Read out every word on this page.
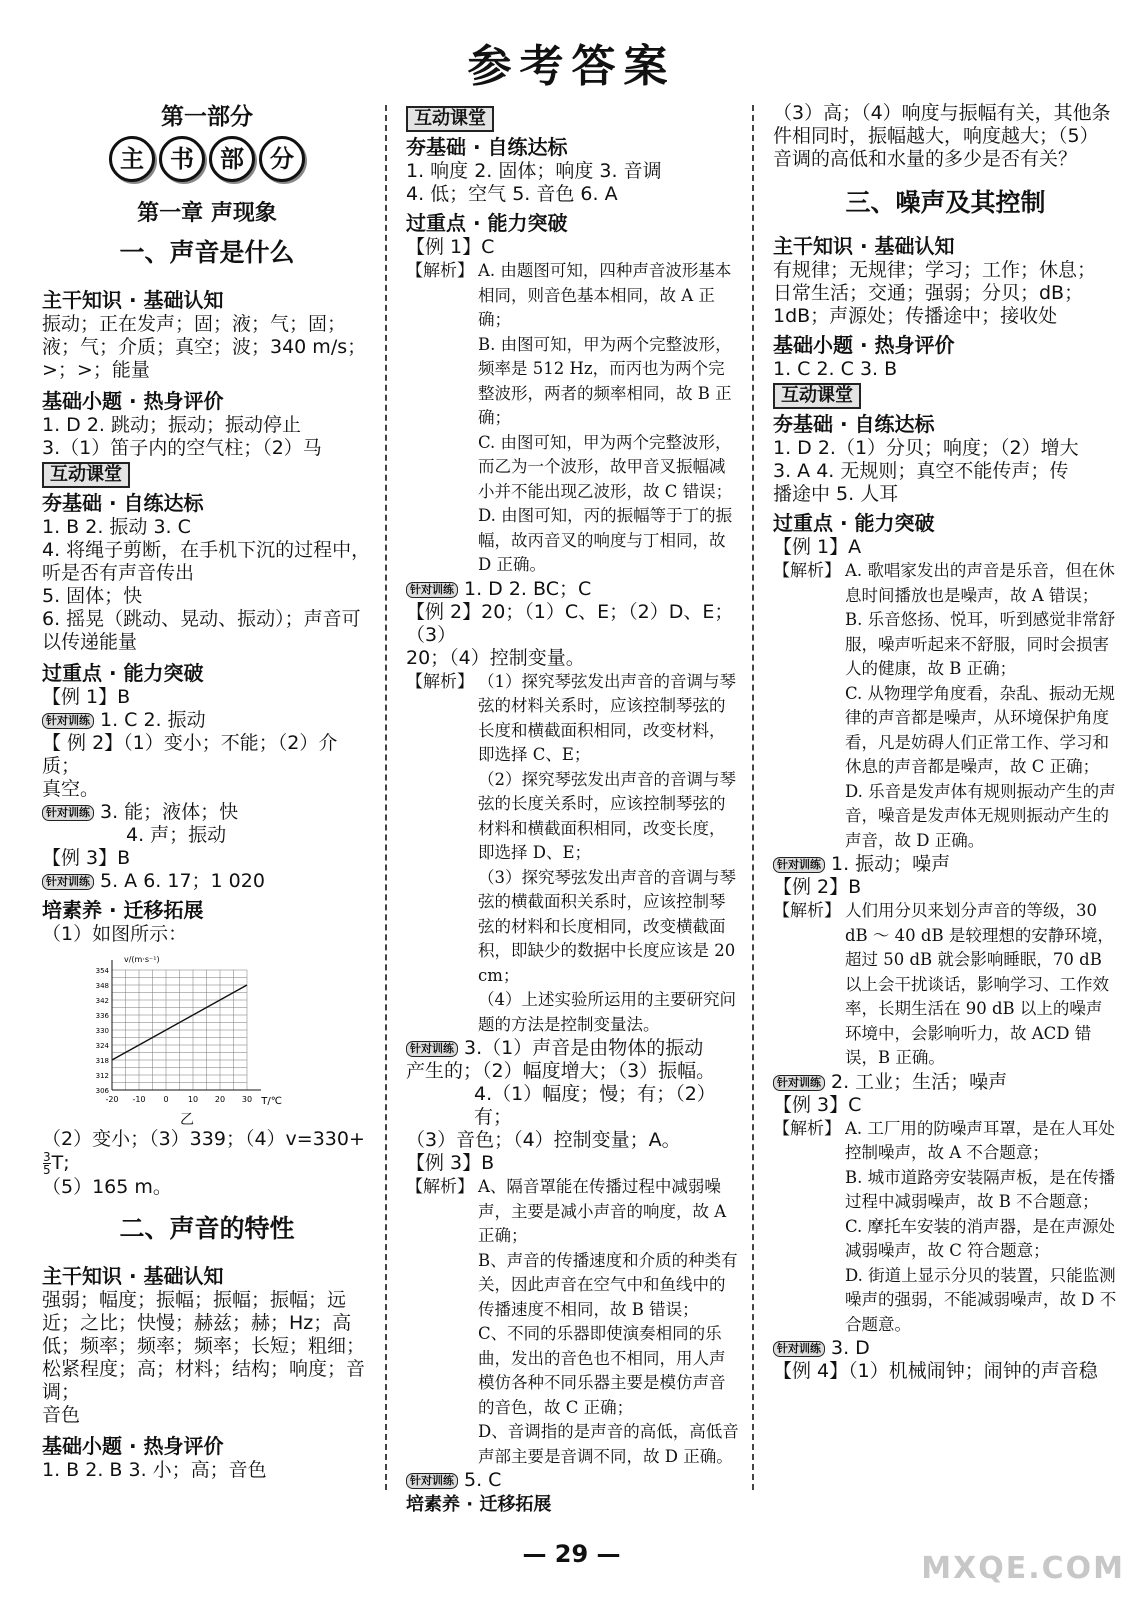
参考答案
第一部分
主	书	部	分
第一章 声现象
一、声音是什么
主干知识 · 基础认知

振动；正在发声；固；液；气；固；

液；气；介质；真空；波；340 m/s；

>；>；能量

基础小题 · 热身评价

1. D 2. 跳动；振动；振动停止

3.（1）笛子内的空气柱；（2）马

互动课堂
夯基础 · 自练达标

1. B 2. 振动 3. C

4. 将绳子剪断，在手机下沉的过程中，

听是否有声音传出

5. 固体；快

6. 摇晃（跳动、晃动、振动）；声音可

以传递能量

过重点 · 能力突破

【例 1】B

针对训练 1. C 2. 振动

【 例 2】（1）变小；不能；（2）介质；

真空。

针对训练 3. 能；液体；快

4. 声；振动

【例 3】B

针对训练 5. A 6. 17；1 020

培素养 · 迁移拓展

（1）如图所示：

-20 -10 0 10 20 30
306
312
318
324
330
336
342
348
354
T/℃
v/(m·s⁻¹)
乙

（2）变小；（3）339；（4）v=330+
$\frac{3}{5} T$;

（5）165 m。

二、声音的特性
主干知识 · 基础认知

强弱；幅度；振幅；振幅；振幅；远

近；之比；快慢；赫兹；赫；Hz；高

低；频率；频率；频率；长短；粗细；

松紧程度；高；材料；结构；响度；音调；

音色

基础小题 · 热身评价

1. B 2. B 3. 小；高；音色

互动课堂
夯基础 · 自练达标

1. 响度 2. 固体；响度 3. 音调

4. 低；空气 5. 音色 6. A

过重点 · 能力突破

【例 1】C

【解析】 A. 由题图可知，四种声音波形基本相同，则音色基本相同，故 A 正确；
B. 由图可知，甲为两个完整波形，频率是 512 Hz，而丙也为两个完整波形，两者的频率相同，故 B 正确；
C. 由图可知，甲为两个完整波形，而乙为一个波形，故甲音叉振幅减小并不能出现乙波形，故 C 错误；
D. 由图可知，丙的振幅等于丁的振幅，故丙音叉的响度与丁相同，故 D 正确。

针对训练 1. D 2. BC；C

【例 2】20；（1）C、E；（2）D、E；（3）

20；（4）控制变量。

【解析】 （1）探究琴弦发出声音的音调与琴弦的材料关系时，应该控制琴弦的长度和横截面积相同，改变材料，即选择 C、E；
（2）探究琴弦发出声音的音调与琴弦的长度关系时，应该控制琴弦的材料和横截面积相同，改变长度，即选择 D、E；
（3）探究琴弦发出声音的音调与琴弦的横截面积关系时，应该控制琴弦的材料和长度相同，改变横截面积，即缺少的数据中长度应该是 20 cm；
（4）上述实验所运用的主要研究问题的方法是控制变量法。

针对训练 3.（1）声音是由物体的振动

产生的；（2）幅度增大；（3）振幅。

4.（1）幅度；慢；有；（2）有；

（3）音色；（4）控制变量；A。

【例 3】B

【解析】 A、隔音罩能在传播过程中减弱噪声，主要是减小声音的响度，故 A 正确；
B、声音的传播速度和介质的种类有关，因此声音在空气中和鱼线中的传播速度不相同，故 B 错误；
C、不同的乐器即使演奏相同的乐曲，发出的音色也不相同，用人声模仿各种不同乐器主要是模仿声音的音色，故 C 正确；
D、音调指的是声音的高低，高低音声部主要是音调不同，故 D 正确。

针对训练 5. C

培素养 · 迁移拓展

（3）高；（4）响度与振幅有关，其他条

件相同时，振幅越大，响度越大；（5）

音调的高低和水量的多少是否有关？

三、噪声及其控制
主干知识 · 基础认知

有规律；无规律；学习；工作；休息；

日常生活；交通；强弱；分贝；dB；

1dB；声源处；传播途中；接收处

基础小题 · 热身评价

1. C 2. C 3. B

互动课堂
夯基础 · 自练达标

1. D 2.（1）分贝；响度；（2）增大

3. A 4. 无规则；真空不能传声；传

播途中 5. 人耳

过重点 · 能力突破

【例 1】A

【解析】 A. 歌唱家发出的声音是乐音，但在休息时间播放也是噪声，故 A 错误；
B. 乐音悠扬、悦耳，听到感觉非常舒服，噪声听起来不舒服，同时会损害人的健康，故 B 正确；
C. 从物理学角度看，杂乱、振动无规律的声音都是噪声，从环境保护角度看，凡是妨碍人们正常工作、学习和休息的声音都是噪声，故 C 正确；
D. 乐音是发声体有规则振动产生的声音，噪音是发声体无规则振动产生的声音，故 D 正确。

针对训练 1. 振动；噪声

【例 2】B

【解析】 人们用分贝来划分声音的等级，30 dB ～ 40 dB 是较理想的安静环境，超过 50 dB 就会影响睡眠，70 dB 以上会干扰谈话，影响学习、工作效率，长期生活在 90 dB 以上的噪声环境中，会影响听力，故 ACD 错误，B 正确。

针对训练 2. 工业；生活；噪声

【例 3】C

【解析】 A. 工厂用的防噪声耳罩，是在人耳处控制噪声，故 A 不合题意；
B. 城市道路旁安装隔声板，是在传播过程中减弱噪声，故 B 不合题意；
C. 摩托车安装的消声器，是在声源处减弱噪声，故 C 符合题意；
D. 街道上显示分贝的装置，只能监测噪声的强弱，不能减弱噪声，故 D 不合题意。

针对训练 3. D

【例 4】（1）机械闹钟；闹钟的声音稳

— 29 —	MXQE.COM
